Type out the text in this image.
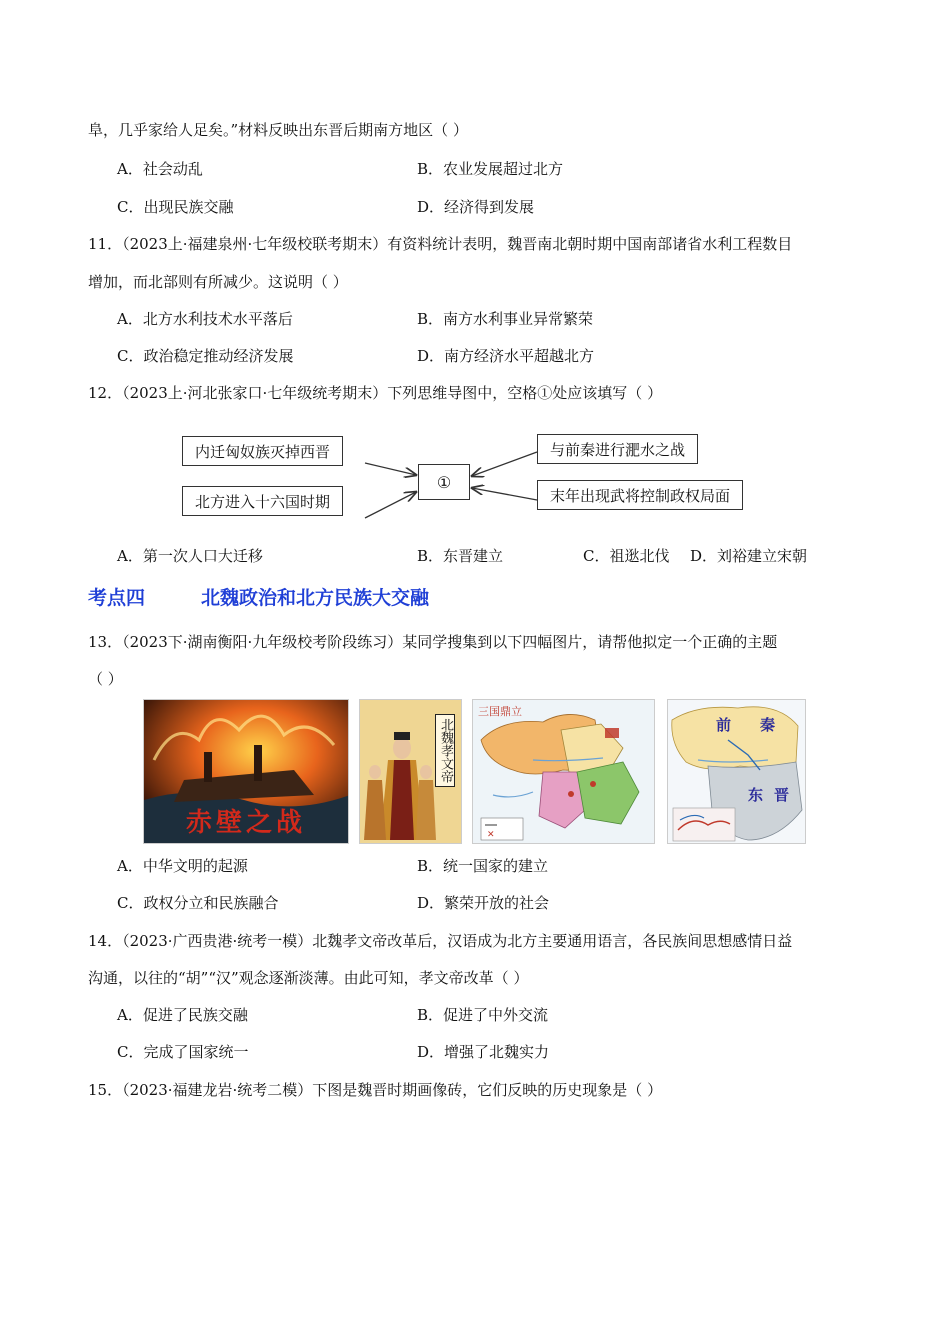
阜，几乎家给人足矣。”材料反映出东晋后期南方地区（ ）
A．社会动乱	B．农业发展超过北方
C．出现民族交融	D．经济得到发展
11．（2023上·福建泉州·七年级校联考期末）有资料统计表明，魏晋南北朝时期中国南部诸省水利工程数目
增加，而北部则有所减少。这说明（ ）
A．北方水利技术水平落后	B．南方水利事业异常繁荣
C．政治稳定推动经济发展	D．南方经济水平超越北方
12．（2023上·河北张家口·七年级统考期末）下列思维导图中，空格①处应该填写（ ）
内迁匈奴族灭掉西晋
北方进入十六国时期
与前秦进行淝水之战
末年出现武将控制政权局面
①
A．第一次人口大迁移	B．东晋建立	C．祖逖北伐 D．刘裕建立宋朝
考点四	北魏政治和北方民族大交融
13．（2023下·湖南衡阳·九年级校考阶段练习）某同学搜集到以下四幅图片，请帮他拟定一个正确的主题
（ ）
赤壁之战
北魏孝文帝
✕
三国鼎立
前 秦
东 晋
A．中华文明的起源	B．统一国家的建立
C．政权分立和民族融合	D．繁荣开放的社会
14．（2023·广西贵港·统考一模）北魏孝文帝改革后，汉语成为北方主要通用语言，各民族间思想感情日益
沟通，以往的“胡”“汉”观念逐渐淡薄。由此可知，孝文帝改革（ ）
A．促进了民族交融	B．促进了中外交流
C．完成了国家统一	D．增强了北魏实力
15．（2023·福建龙岩·统考二模）下图是魏晋时期画像砖，它们反映的历史现象是（ ）
